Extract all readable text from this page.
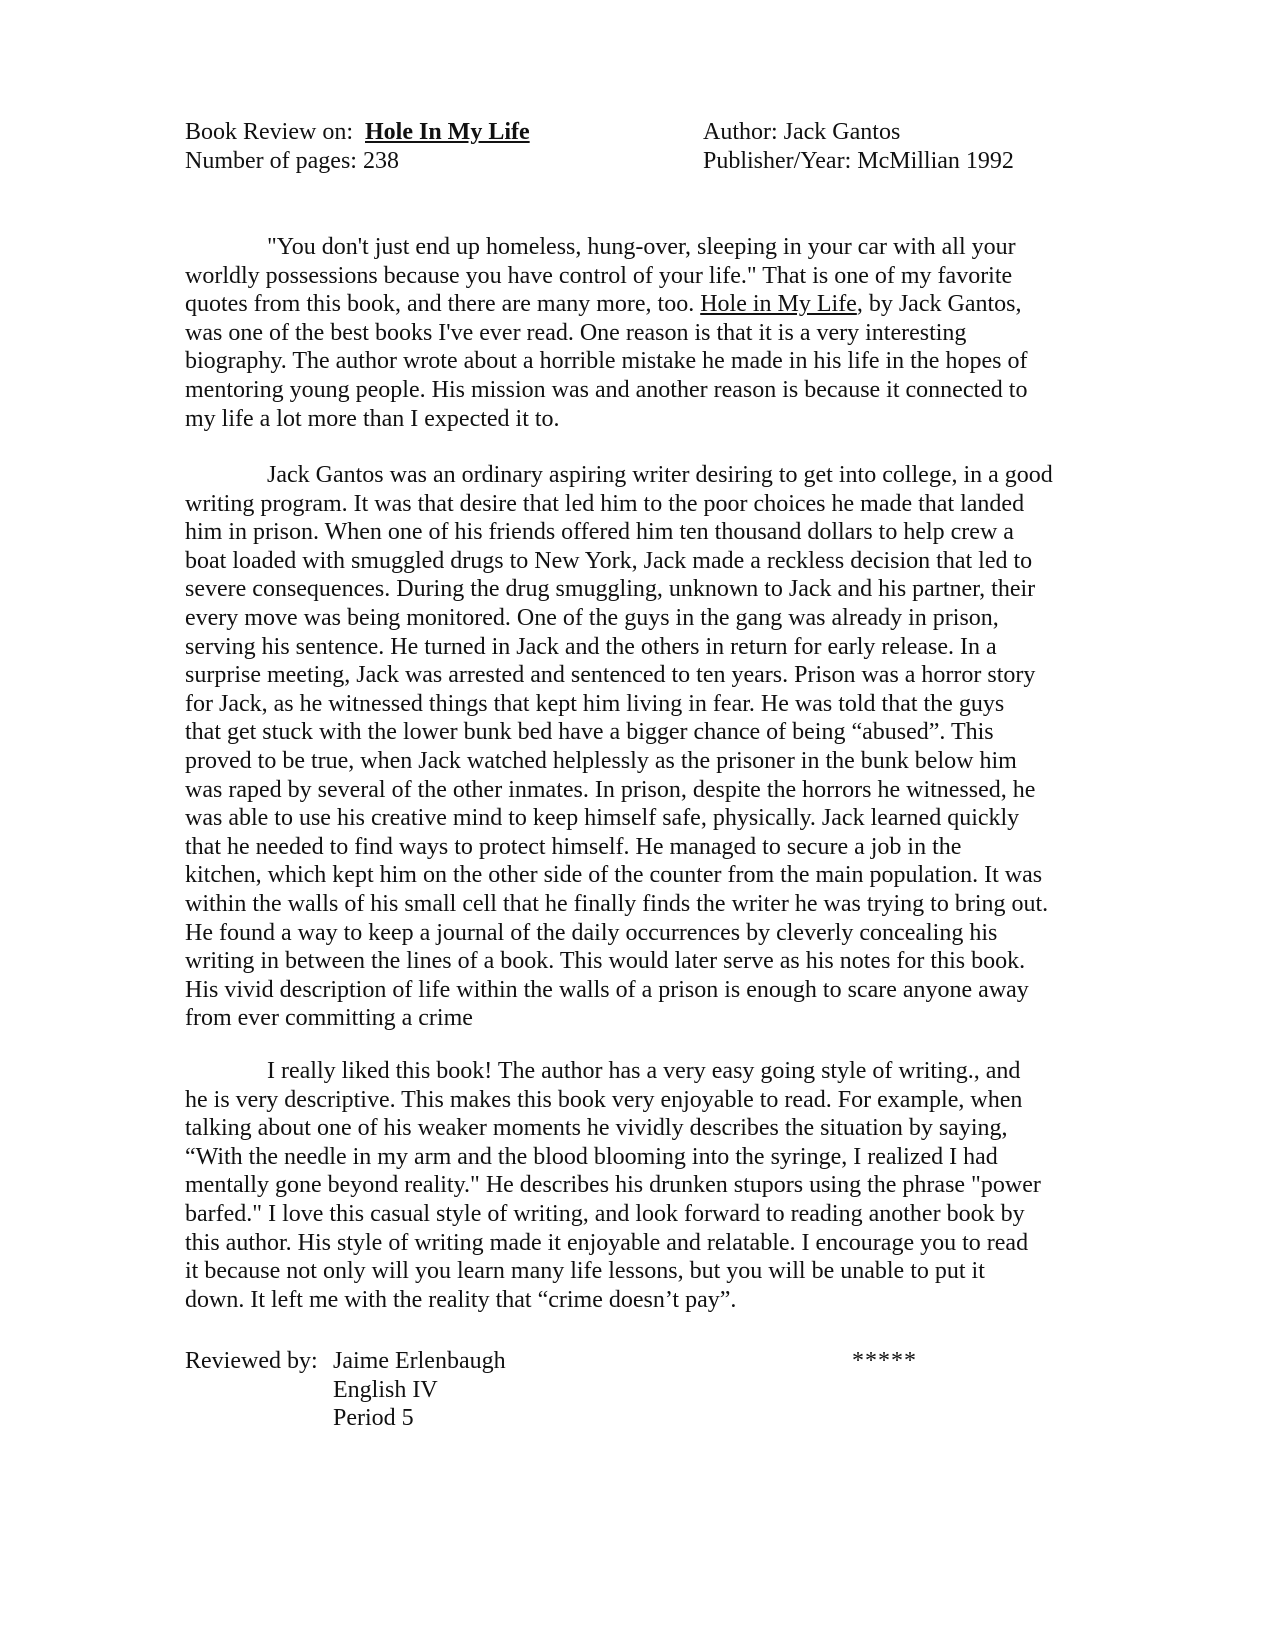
Book Review on: Hole In My Life	Author: Jack Gantos
Number of pages: 238	Publisher/Year: McMillian 1992
"You don't just end up homeless, hung-over, sleeping in your car with all your
worldly possessions because you have control of your life." That is one of my favorite
quotes from this book, and there are many more, too. Hole in My Life, by Jack Gantos,
was one of the best books I've ever read. One reason is that it is a very interesting
biography. The author wrote about a horrible mistake he made in his life in the hopes of
mentoring young people. His mission was and another reason is because it connected to
my life a lot more than I expected it to.
Jack Gantos was an ordinary aspiring writer desiring to get into college, in a good
writing program. It was that desire that led him to the poor choices he made that landed
him in prison. When one of his friends offered him ten thousand dollars to help crew a
boat loaded with smuggled drugs to New York, Jack made a reckless decision that led to
severe consequences. During the drug smuggling, unknown to Jack and his partner, their
every move was being monitored. One of the guys in the gang was already in prison,
serving his sentence. He turned in Jack and the others in return for early release. In a
surprise meeting, Jack was arrested and sentenced to ten years. Prison was a horror story
for Jack, as he witnessed things that kept him living in fear. He was told that the guys
that get stuck with the lower bunk bed have a bigger chance of being “abused”. This
proved to be true, when Jack watched helplessly as the prisoner in the bunk below him
was raped by several of the other inmates. In prison, despite the horrors he witnessed, he
was able to use his creative mind to keep himself safe, physically. Jack learned quickly
that he needed to find ways to protect himself. He managed to secure a job in the
kitchen, which kept him on the other side of the counter from the main population. It was
within the walls of his small cell that he finally finds the writer he was trying to bring out.
He found a way to keep a journal of the daily occurrences by cleverly concealing his
writing in between the lines of a book. This would later serve as his notes for this book.
His vivid description of life within the walls of a prison is enough to scare anyone away
from ever committing a crime
I really liked this book! The author has a very easy going style of writing., and
he is very descriptive. This makes this book very enjoyable to read. For example, when
talking about one of his weaker moments he vividly describes the situation by saying,
“With the needle in my arm and the blood blooming into the syringe, I realized I had
mentally gone beyond reality." He describes his drunken stupors using the phrase "power
barfed." I love this casual style of writing, and look forward to reading another book by
this author. His style of writing made it enjoyable and relatable. I encourage you to read
it because not only will you learn many life lessons, but you will be unable to put it
down. It left me with the reality that “crime doesn’t pay”.
Reviewed by: Jaime Erlenbaugh
English IV
Period 5
*****
